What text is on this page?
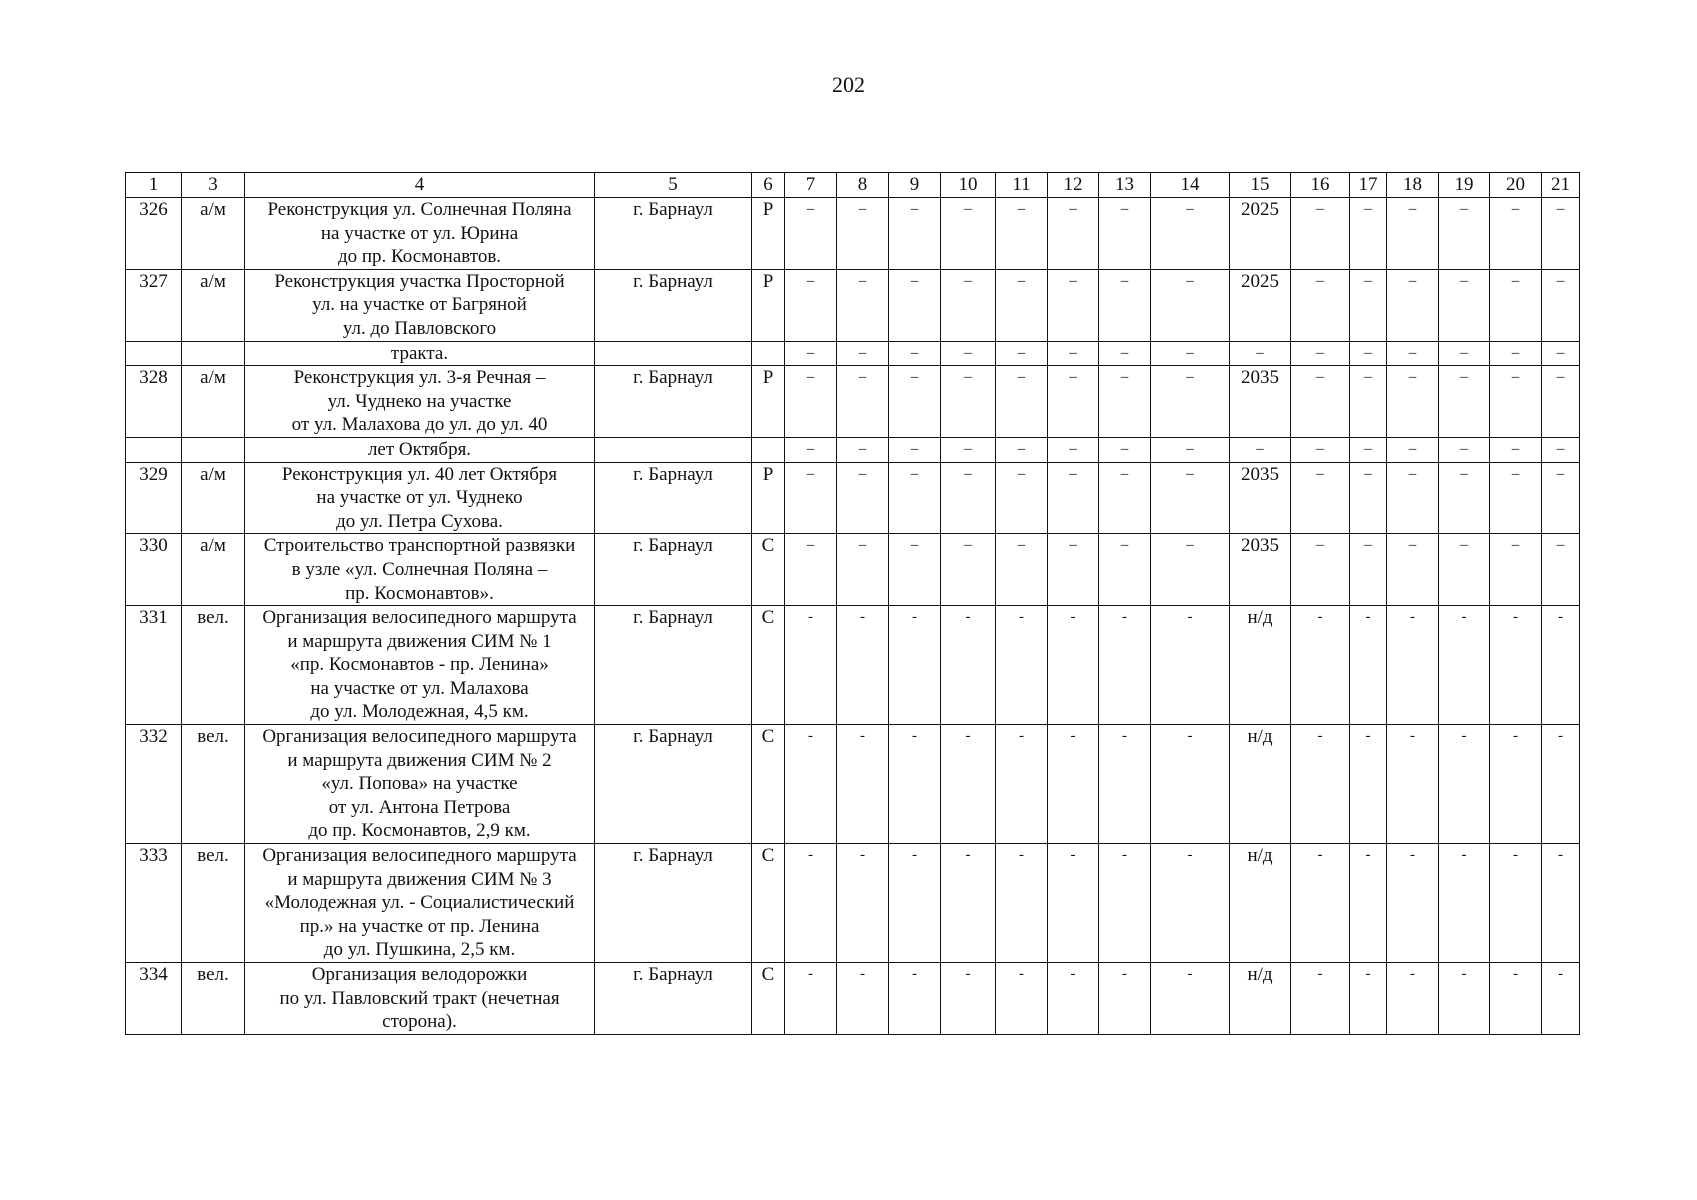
202
1	3	4	5	6	7	8	9	10	11	12	13	14	15	16	17	18	19	20	21
326	а/м	Реконструкция ул. Солнечная Поляна
на участке от ул. Юрина
до пр. Космонавтов.	г. Барнаул	Р	–	–	–	–	–	–	–	–	2025	–	–	–	–	–	–
327	а/м	Реконструкция участка Просторной
ул. на участке от Багряной
ул. до Павловского	г. Барнаул	Р	–	–	–	–	–	–	–	–	2025	–	–	–	–	–	–
		тракта.			–	–	–	–	–	–	–	–	–	–	–	–	–	–	–
328	а/м	Реконструкция ул. 3-я Речная –
ул. Чуднеко на участке
от ул. Малахова до ул. до ул. 40	г. Барнаул	Р	–	–	–	–	–	–	–	–	2035	–	–	–	–	–	–
		лет Октября.			–	–	–	–	–	–	–	–	–	–	–	–	–	–	–
329	а/м	Реконструкция ул. 40 лет Октября
на участке от ул. Чуднеко
до ул. Петра Сухова.	г. Барнаул	Р	–	–	–	–	–	–	–	–	2035	–	–	–	–	–	–
330	а/м	Строительство транспортной развязки
в узле «ул. Солнечная Поляна –
пр. Космонавтов».	г. Барнаул	С	–	–	–	–	–	–	–	–	2035	–	–	–	–	–	–
331	вел.	Организация велосипедного маршрута
и маршрута движения СИМ № 1
«пр. Космонавтов - пр. Ленина»
на участке от ул. Малахова
до ул. Молодежная, 4,5 км.	г. Барнаул	С	-	-	-	-	-	-	-	-	н/д	-	-	-	-	-	-
332	вел.	Организация велосипедного маршрута
и маршрута движения СИМ № 2
«ул. Попова» на участке
от ул. Антона Петрова
до пр. Космонавтов, 2,9 км.	г. Барнаул	С	-	-	-	-	-	-	-	-	н/д	-	-	-	-	-	-
333	вел.	Организация велосипедного маршрута
и маршрута движения СИМ № 3
«Молодежная ул. - Социалистический
пр.» на участке от пр. Ленина
до ул. Пушкина, 2,5 км.	г. Барнаул	С	-	-	-	-	-	-	-	-	н/д	-	-	-	-	-	-
334	вел.	Организация велодорожки
по ул. Павловский тракт (нечетная
сторона).	г. Барнаул	С	-	-	-	-	-	-	-	-	н/д	-	-	-	-	-	-
